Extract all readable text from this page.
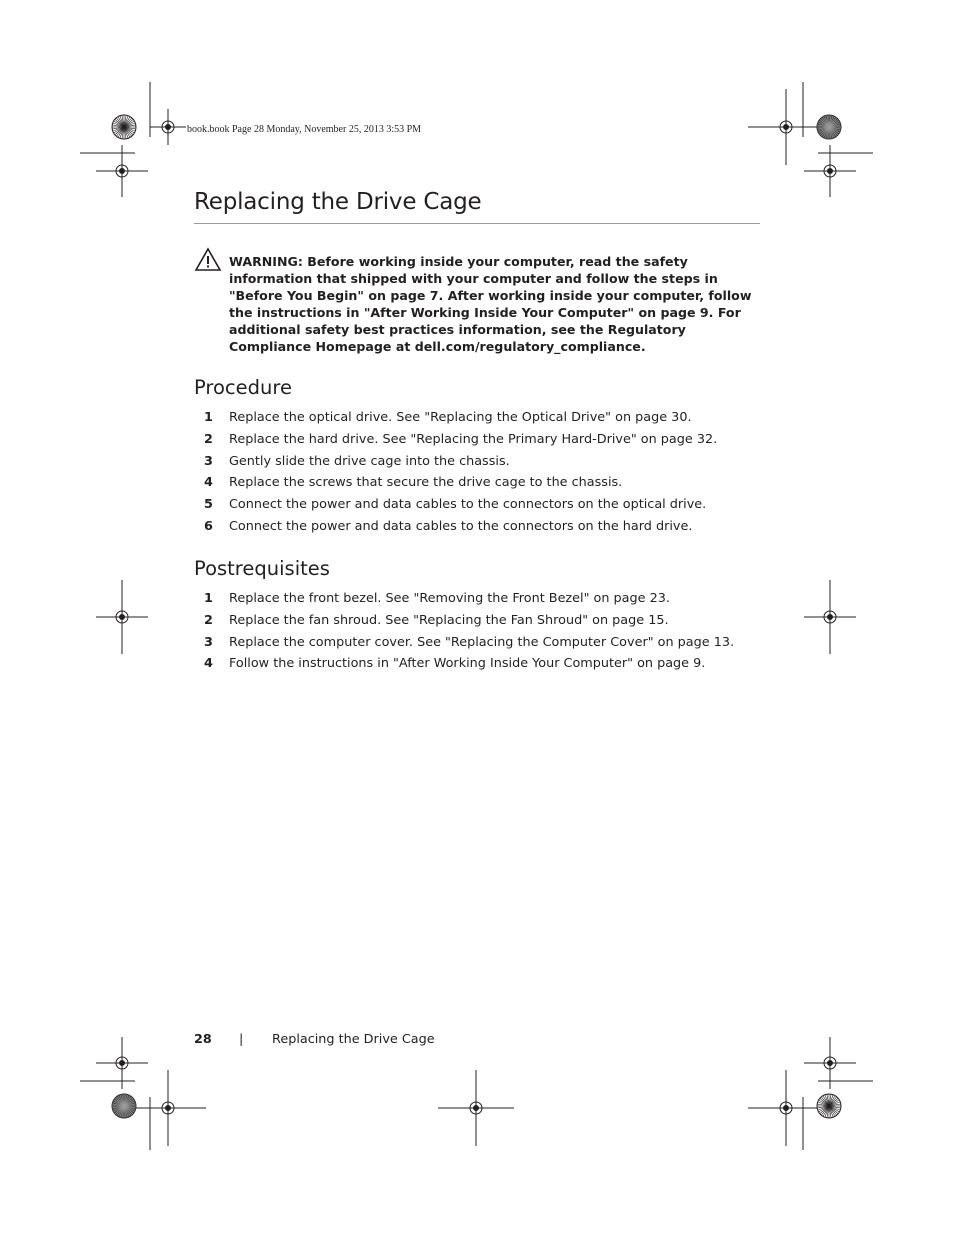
book.book Page 28 Monday, November 25, 2013 3:53 PM
Replacing the Drive Cage
WARNING: Before working inside your computer, read the safety information that shipped with your computer and follow the steps in "Before You Begin" on page 7. After working inside your computer, follow the instructions in "After Working Inside Your Computer" on page 9. For additional safety best practices information, see the Regulatory Compliance Homepage at dell.com/regulatory_compliance.
Procedure
1 Replace the optical drive. See "Replacing the Optical Drive" on page 30.
2 Replace the hard drive. See "Replacing the Primary Hard-Drive" on page 32.
3 Gently slide the drive cage into the chassis.
4 Replace the screws that secure the drive cage to the chassis.
5 Connect the power and data cables to the connectors on the optical drive.
6 Connect the power and data cables to the connectors on the hard drive.
Postrequisites
1 Replace the front bezel. See "Removing the Front Bezel" on page 23.
2 Replace the fan shroud. See "Replacing the Fan Shroud" on page 15.
3 Replace the computer cover. See "Replacing the Computer Cover" on page 13.
4 Follow the instructions in "After Working Inside Your Computer" on page 9.
28 | Replacing the Drive Cage
